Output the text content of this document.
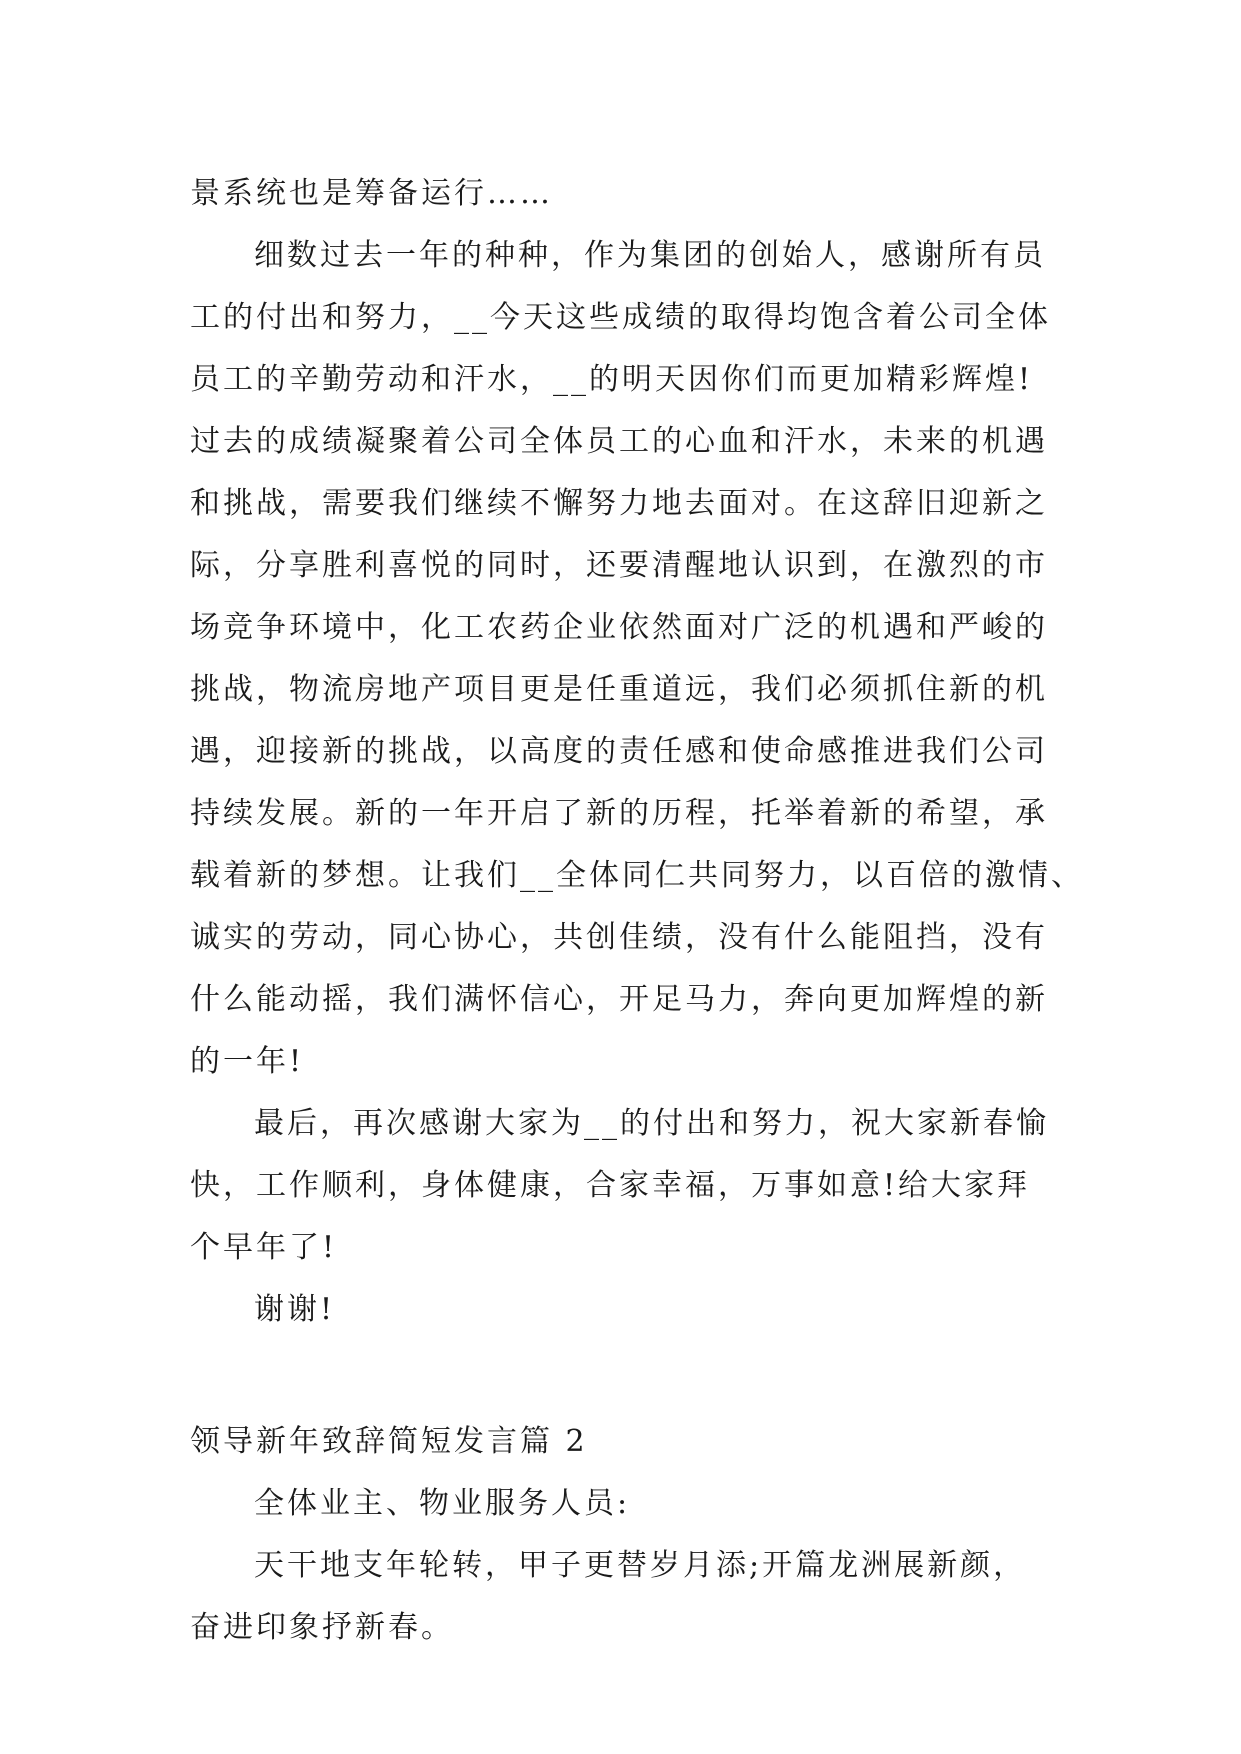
景系统也是筹备运行……
细数过去一年的种种，作为集团的创始人，感谢所有员
工的付出和努力，__今天这些成绩的取得均饱含着公司全体
员工的辛勤劳动和汗水，__的明天因你们而更加精彩辉煌!
过去的成绩凝聚着公司全体员工的心血和汗水，未来的机遇
和挑战，需要我们继续不懈努力地去面对。在这辞旧迎新之
际，分享胜利喜悦的同时，还要清醒地认识到，在激烈的市
场竞争环境中，化工农药企业依然面对广泛的机遇和严峻的
挑战，物流房地产项目更是任重道远，我们必须抓住新的机
遇，迎接新的挑战，以高度的责任感和使命感推进我们公司
持续发展。新的一年开启了新的历程，托举着新的希望，承
载着新的梦想。让我们__全体同仁共同努力，以百倍的激情、
诚实的劳动，同心协心，共创佳绩，没有什么能阻挡，没有
什么能动摇，我们满怀信心，开足马力，奔向更加辉煌的新
的一年!
最后，再次感谢大家为__的付出和努力，祝大家新春愉
快，工作顺利，身体健康，合家幸福，万事如意!给大家拜
个早年了!
谢谢!
领导新年致辞简短发言篇 2
全体业主、物业服务人员:
天干地支年轮转，甲子更替岁月添;开篇龙洲展新颜，
奋进印象抒新春。
